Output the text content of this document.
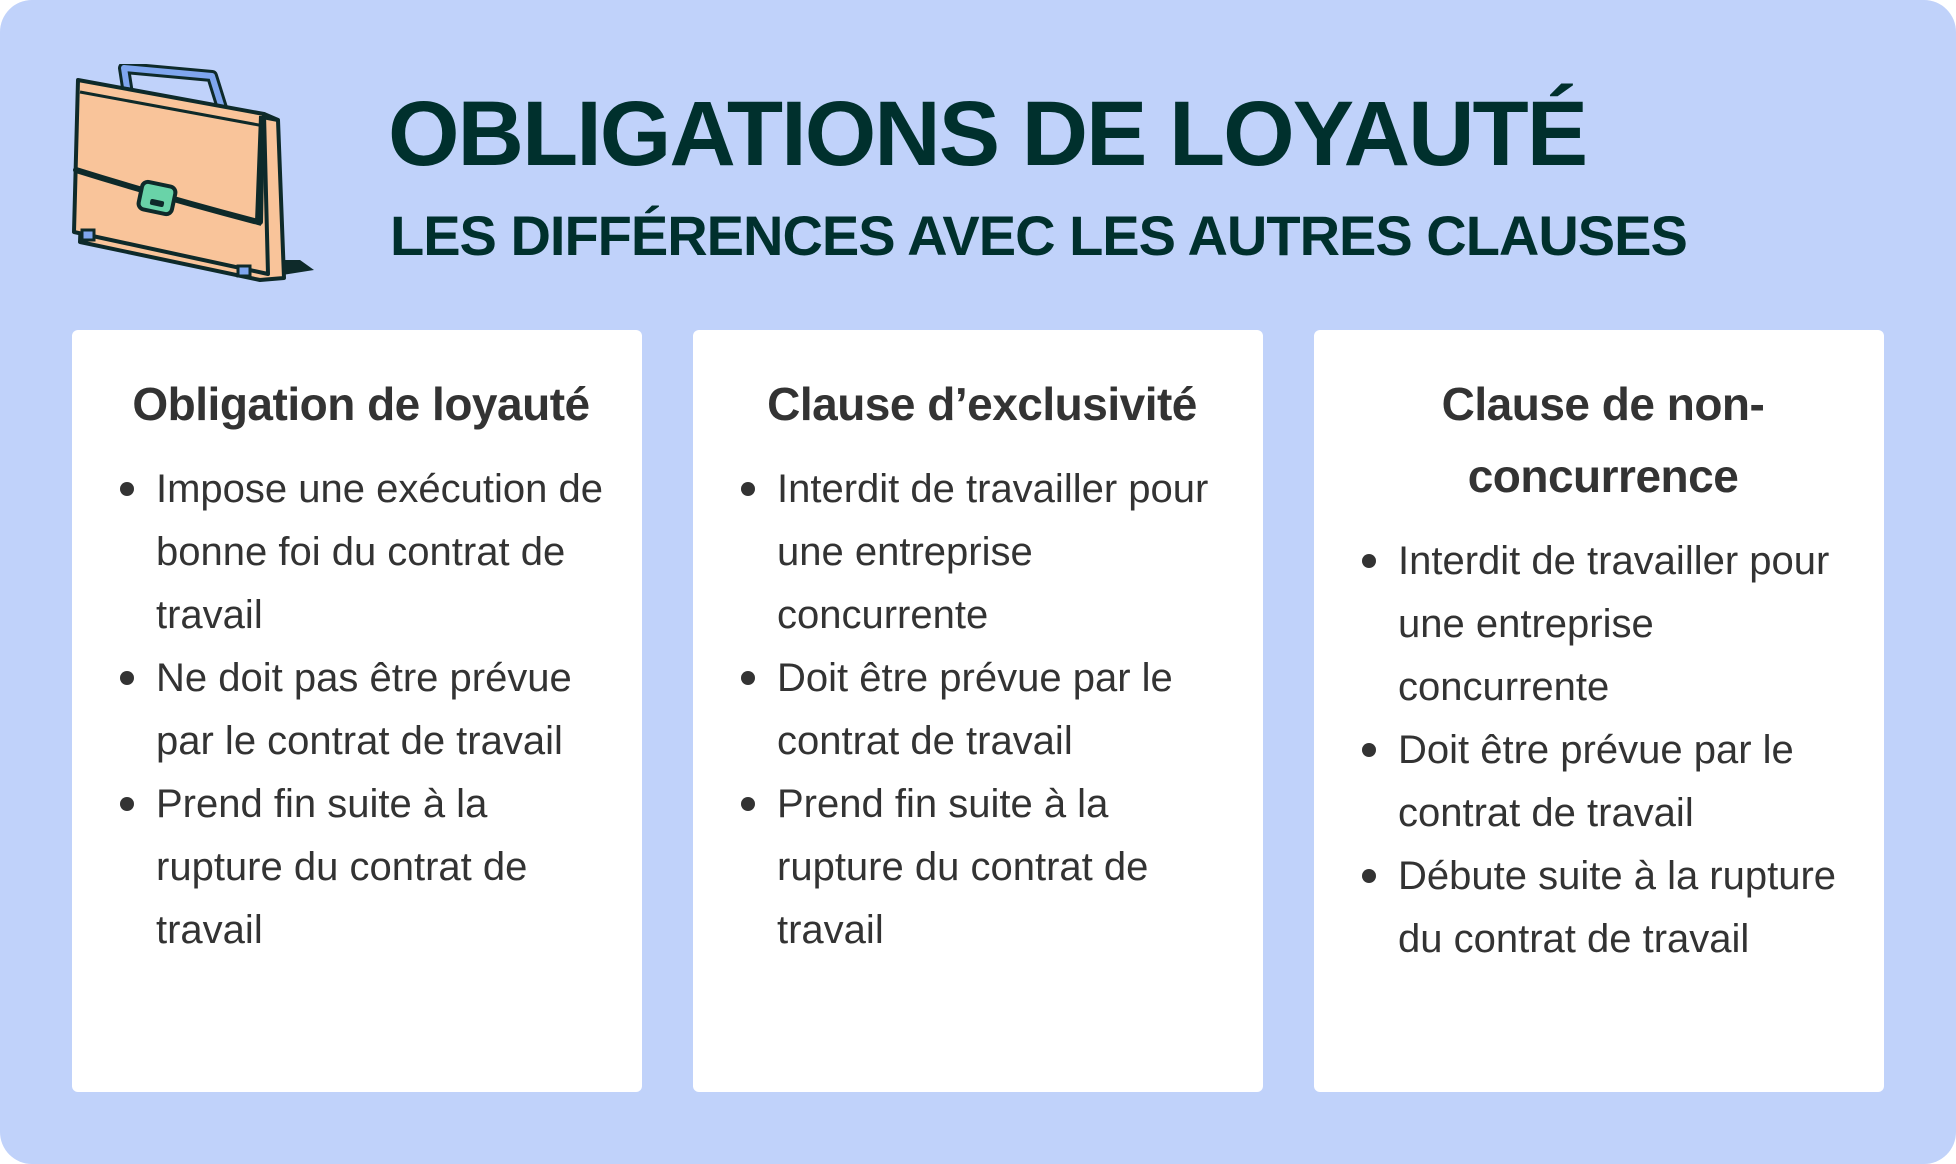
OBLIGATIONS DE LOYAUTÉ
LES DIFFÉRENCES AVEC LES AUTRES CLAUSES
Obligation de loyauté
Impose une exécution de bonne foi du contrat de travail
Ne doit pas être prévue par le contrat de travail
Prend fin suite à la rupture du contrat de travail
Clause d’exclusivité
Interdit de travailler pour une entreprise concurrente
Doit être prévue par le contrat de travail
Prend fin suite à la rupture du contrat de travail
Clause de non-concurrence
Interdit de travailler pour une entreprise concurrente
Doit être prévue par le contrat de travail
Débute suite à la rupture du contrat de travail
